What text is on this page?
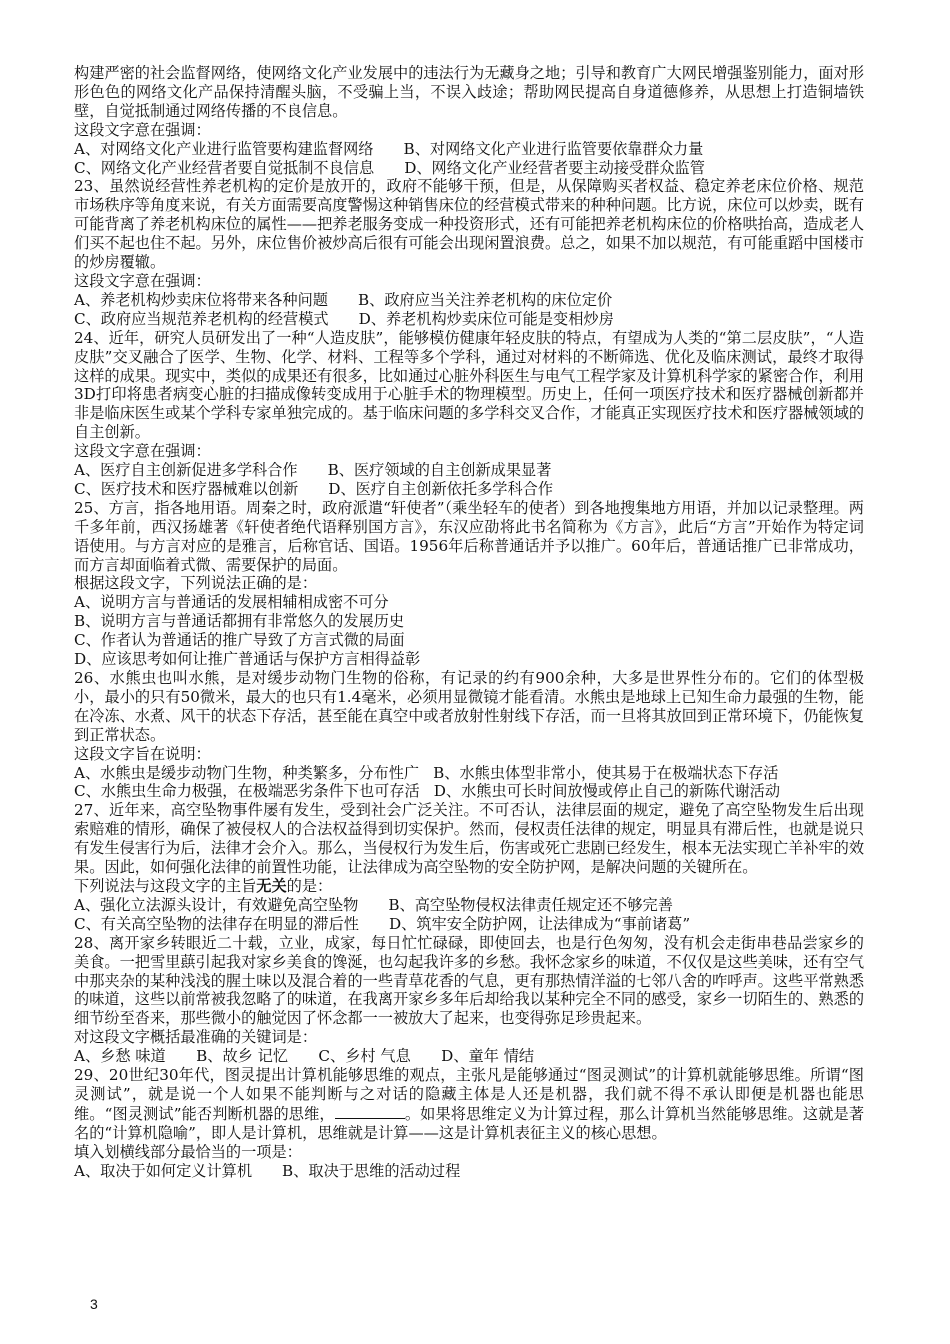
构建严密的社会监督网络，使网络文化产业发展中的违法行为无藏身之地；引导和教育广大网民增强鉴别能力，面对形形色色的网络文化产品保持清醒头脑，不受骗上当，不误入歧途；帮助网民提高自身道德修养，从思想上打造铜墙铁壁，自觉抵制通过网络传播的不良信息。

这段文字意在强调：

A、对网络文化产业进行监管要构建监督网络 B、对网络文化产业进行监管要依靠群众力量
C、网络文化产业经营者要自觉抵制不良信息 D、网络文化产业经营者要主动接受群众监管

23、虽然说经营性养老机构的定价是放开的，政府不能够干预，但是，从保障购买者权益、稳定养老床位价格、规范市场秩序等角度来说，有关方面需要高度警惕这种销售床位的经营模式带来的种种问题。比方说，床位可以炒卖，既有可能背离了养老机构床位的属性——把养老服务变成一种投资形式，还有可能把养老机构床位的价格哄抬高，造成老人们买不起也住不起。另外，床位售价被炒高后很有可能会出现闲置浪费。总之，如果不加以规范，有可能重蹈中国楼市的炒房覆辙。

这段文字意在强调：

A、养老机构炒卖床位将带来各种问题 B、政府应当关注养老机构的床位定价
C、政府应当规范养老机构的经营模式 D、养老机构炒卖床位可能是变相炒房

24、近年，研究人员研发出了一种“人造皮肤”，能够模仿健康年轻皮肤的特点，有望成为人类的“第二层皮肤”，“人造皮肤”交叉融合了医学、生物、化学、材料、工程等多个学科，通过对材料的不断筛选、优化及临床测试，最终才取得这样的成果。现实中，类似的成果还有很多，比如通过心脏外科医生与电气工程学家及计算机科学家的紧密合作，利用3D打印将患者病变心脏的扫描成像转变成用于心脏手术的物理模型。历史上，任何一项医疗技术和医疗器械创新都并非是临床医生或某个学科专家单独完成的。基于临床问题的多学科交叉合作，才能真正实现医疗技术和医疗器械领域的自主创新。

这段文字意在强调：

A、医疗自主创新促进多学科合作 B、医疗领域的自主创新成果显著
C、医疗技术和医疗器械难以创新 D、医疗自主创新依托多学科合作

25、方言，指各地用语。周秦之时，政府派遣“轩使者”（乘坐轻车的使者）到各地搜集地方用语，并加以记录整理。两千多年前，西汉扬雄著《轩使者绝代语释别国方言》，东汉应劭将此书名简称为《方言》，此后“方言”开始作为特定词语使用。与方言对应的是雅言，后称官话、国语。1956年后称普通话并予以推广。60年后，普通话推广已非常成功，而方言却面临着式微、需要保护的局面。

根据这段文字，下列说法正确的是：

A、说明方言与普通话的发展相辅相成密不可分

B、说明方言与普通话都拥有非常悠久的发展历史

C、作者认为普通话的推广导致了方言式微的局面

D、应该思考如何让推广普通话与保护方言相得益彰

26、水熊虫也叫水熊，是对缓步动物门生物的俗称，有记录的约有900余种，大多是世界性分布的。它们的体型极小，最小的只有50微米，最大的也只有1.4毫米，必须用显微镜才能看清。水熊虫是地球上已知生命力最强的生物，能在冷冻、水煮、风干的状态下存活，甚至能在真空中或者放射性射线下存活，而一旦将其放回到正常环境下，仍能恢复到正常状态。

这段文字旨在说明：

A、水熊虫是缓步动物门生物，种类繁多，分布性广 B、水熊虫体型非常小，使其易于在极端状态下存活
C、水熊虫生命力极强，在极端恶劣条件下也可存活 D、水熊虫可长时间放慢或停止自己的新陈代谢活动

27、近年来，高空坠物事件屡有发生，受到社会广泛关注。不可否认，法律层面的规定，避免了高空坠物发生后出现索赔难的情形，确保了被侵权人的合法权益得到切实保护。然而，侵权责任法律的规定，明显具有滞后性，也就是说只有发生侵害行为后，法律才会介入。那么，当侵权行为发生后，伤害或死亡悲剧已经发生，根本无法实现亡羊补牢的效果。因此，如何强化法律的前置性功能，让法律成为高空坠物的安全防护网，是解决问题的关键所在。

下列说法与这段文字的主旨无关的是：

A、强化立法源头设计，有效避免高空坠物 B、高空坠物侵权法律责任规定还不够完善
C、有关高空坠物的法律存在明显的滞后性 D、筑牢安全防护网，让法律成为“事前诸葛”

28、离开家乡转眼近二十载，立业，成家，每日忙忙碌碌，即使回去，也是行色匆匆，没有机会走街串巷品尝家乡的美食。一把雪里蕻引起我对家乡美食的馋涎，也勾起我许多的乡愁。我怀念家乡的味道，不仅仅是这些美味，还有空气中那夹杂的某种浅浅的腥土味以及混合着的一些青草花香的气息，更有那热情洋溢的七邻八舍的咋呼声。这些平常熟悉的味道，这些以前常被我忽略了的味道，在我离开家乡多年后却给我以某种完全不同的感受，家乡一切陌生的、熟悉的细节纷至沓来，那些微小的触觉因了怀念都一一被放大了起来，也变得弥足珍贵起来。

对这段文字概括最准确的关键词是：

A、乡愁 味道　　B、故乡 记忆　　C、乡村 气息　　D、童年 情结

29、20世纪30年代，图灵提出计算机能够思维的观点，主张凡是能够通过“图灵测试”的计算机就能够思维。所谓“图灵测试”，就是说一个人如果不能判断与之对话的隐藏主体是人还是机器，我们就不得不承认即便是机器也能思维。“图灵测试”能否判断机器的思维，	。如果将思维定义为计算过程，那么计算机当然能够思维。这就是著名的“计算机隐喻”，即人是计算机，思维就是计算——这是计算机表征主义的核心思想。

填入划横线部分最恰当的一项是：

A、取决于如何定义计算机 B、取决于思维的活动过程
3
